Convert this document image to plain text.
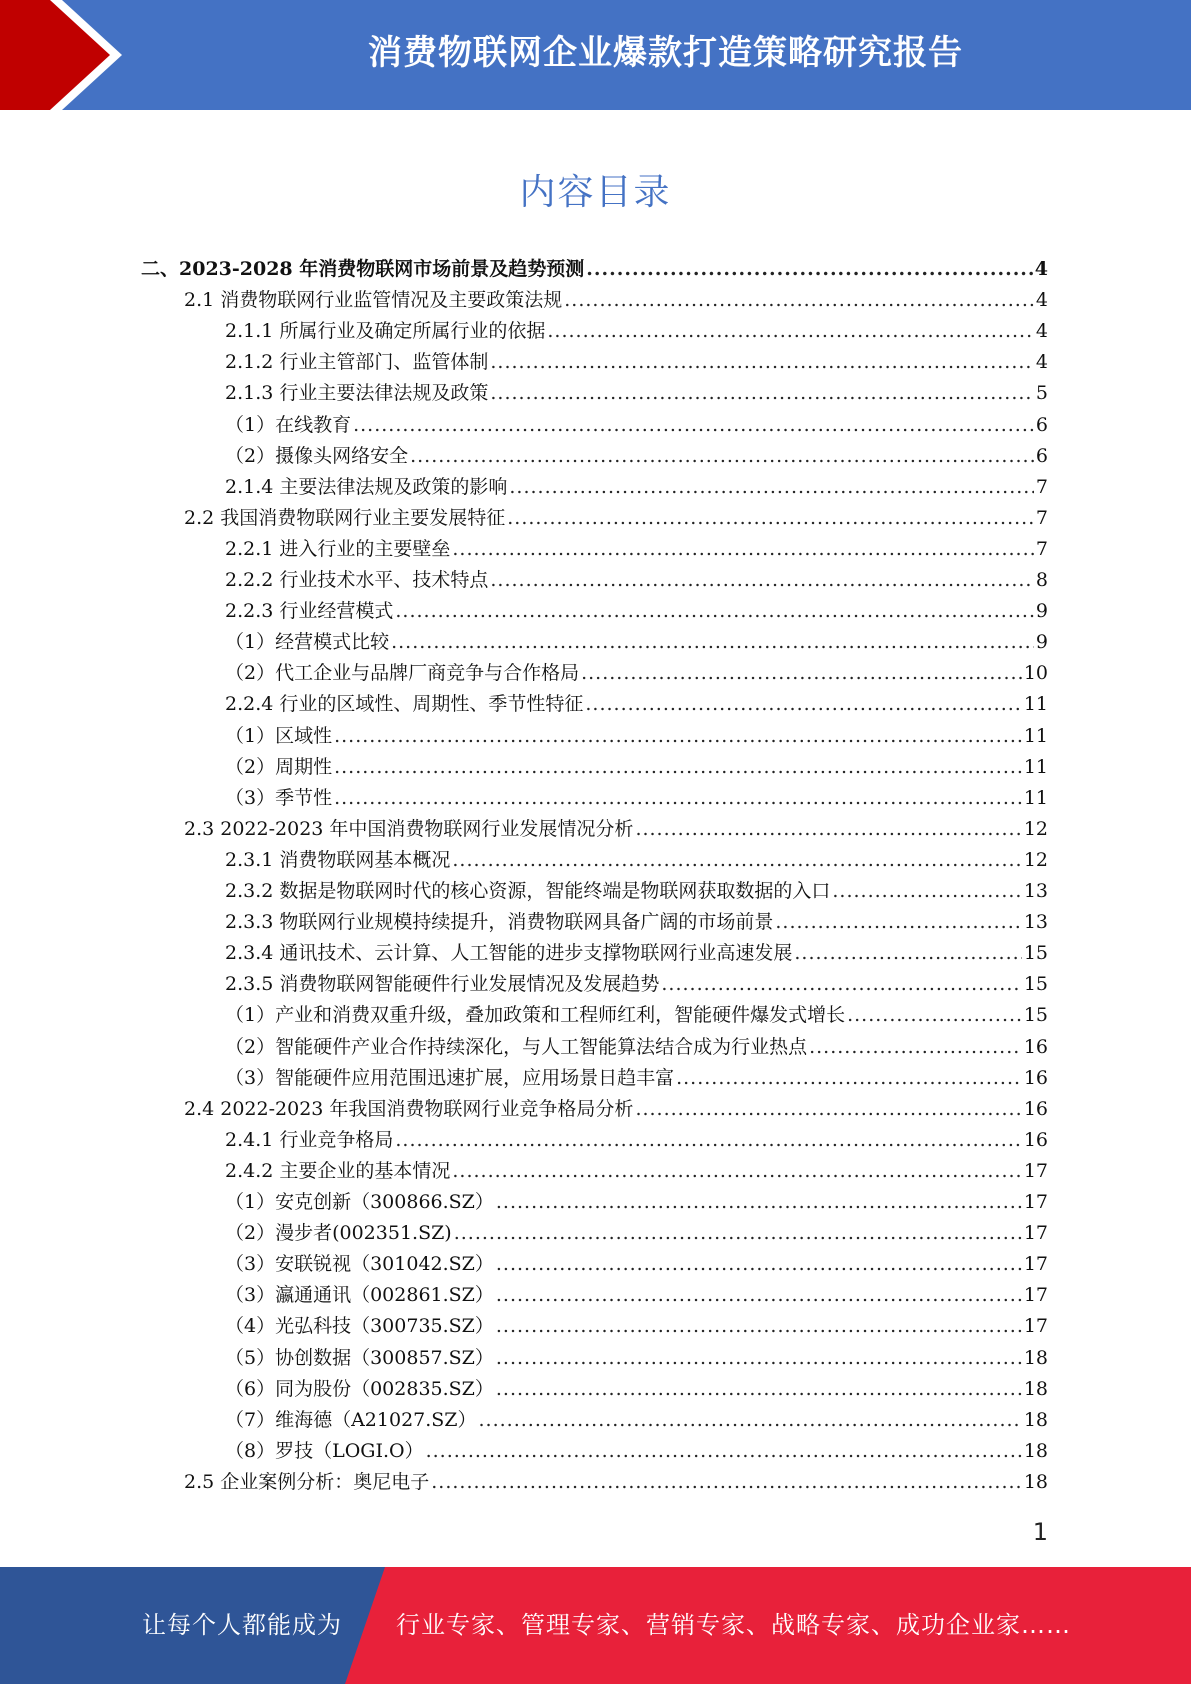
消费物联网企业爆款打造策略研究报告
内容目录
二、2023-2028 年消费物联网市场前景及趋势预测 .....	4
2.1 消费物联网行业监管情况及主要政策法规 .....	4
2.1.1 所属行业及确定所属行业的依据 .....	4
2.1.2 行业主管部门、监管体制 .....	4
2.1.3 行业主要法律法规及政策 .....	5
（1）在线教育 .....	6
（2）摄像头网络安全 .....	6
2.1.4 主要法律法规及政策的影响 .....	7
2.2 我国消费物联网行业主要发展特征 .....	7
2.2.1 进入行业的主要壁垒 .....	7
2.2.2 行业技术水平、技术特点 .....	8
2.2.3 行业经营模式 .....	9
（1）经营模式比较 .....	9
（2）代工企业与品牌厂商竞争与合作格局 .....	10
2.2.4 行业的区域性、周期性、季节性特征 .....	11
（1）区域性 .....	11
（2）周期性 .....	11
（3）季节性 .....	11
2.3 2022-2023 年中国消费物联网行业发展情况分析 .....	12
2.3.1 消费物联网基本概况 .....	12
2.3.2 数据是物联网时代的核心资源，智能终端是物联网获取数据的入口 .....	13
2.3.3 物联网行业规模持续提升，消费物联网具备广阔的市场前景 .....	13
2.3.4 通讯技术、云计算、人工智能的进步支撑物联网行业高速发展 .....	15
2.3.5 消费物联网智能硬件行业发展情况及发展趋势 .....	15
（1）产业和消费双重升级，叠加政策和工程师红利，智能硬件爆发式增长 .....	15
（2）智能硬件产业合作持续深化，与人工智能算法结合成为行业热点 .....	16
（3）智能硬件应用范围迅速扩展，应用场景日趋丰富 .....	16
2.4 2022-2023 年我国消费物联网行业竞争格局分析 .....	16
2.4.1 行业竞争格局 .....	16
2.4.2 主要企业的基本情况 .....	17
（1）安克创新（300866.SZ） .....	17
（2）漫步者(002351.SZ) .....	17
（3）安联锐视（301042.SZ） .....	17
（3）瀛通通讯（002861.SZ） .....	17
（4）光弘科技（300735.SZ） .....	17
（5）协创数据（300857.SZ） .....	18
（6）同为股份（002835.SZ） .....	18
（7）维海德（A21027.SZ） .....	18
（8）罗技（LOGI.O） .....	18
2.5 企业案例分析：奥尼电子 .....	18
1
让每个人都能成为 行业专家、管理专家、营销专家、战略专家、成功企业家……
